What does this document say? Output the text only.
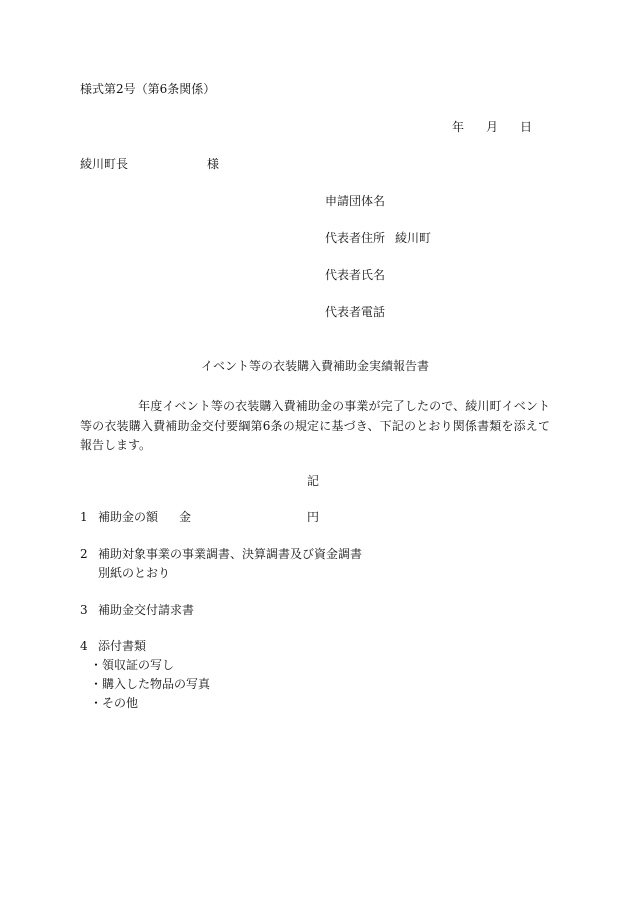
様式第2号（第6条関係）
年 月 日
綾川町長	様
申請団体名
代表者住所 綾川町
代表者氏名
代表者電話
イベント等の衣装購入費補助金実績報告書
年度イベント等の衣装購入費補助金の事業が完了したので、綾川町イベント等の衣装購入費補助金交付要綱第6条の規定に基づき、下記のとおり関係書類を添えて報告します。
記
1 補助金の額 金	円
2 補助対象事業の事業調書、決算調書及び資金調書
別紙のとおり
3 補助金交付請求書
4 添付書類
・領収証の写し
・購入した物品の写真
・その他
